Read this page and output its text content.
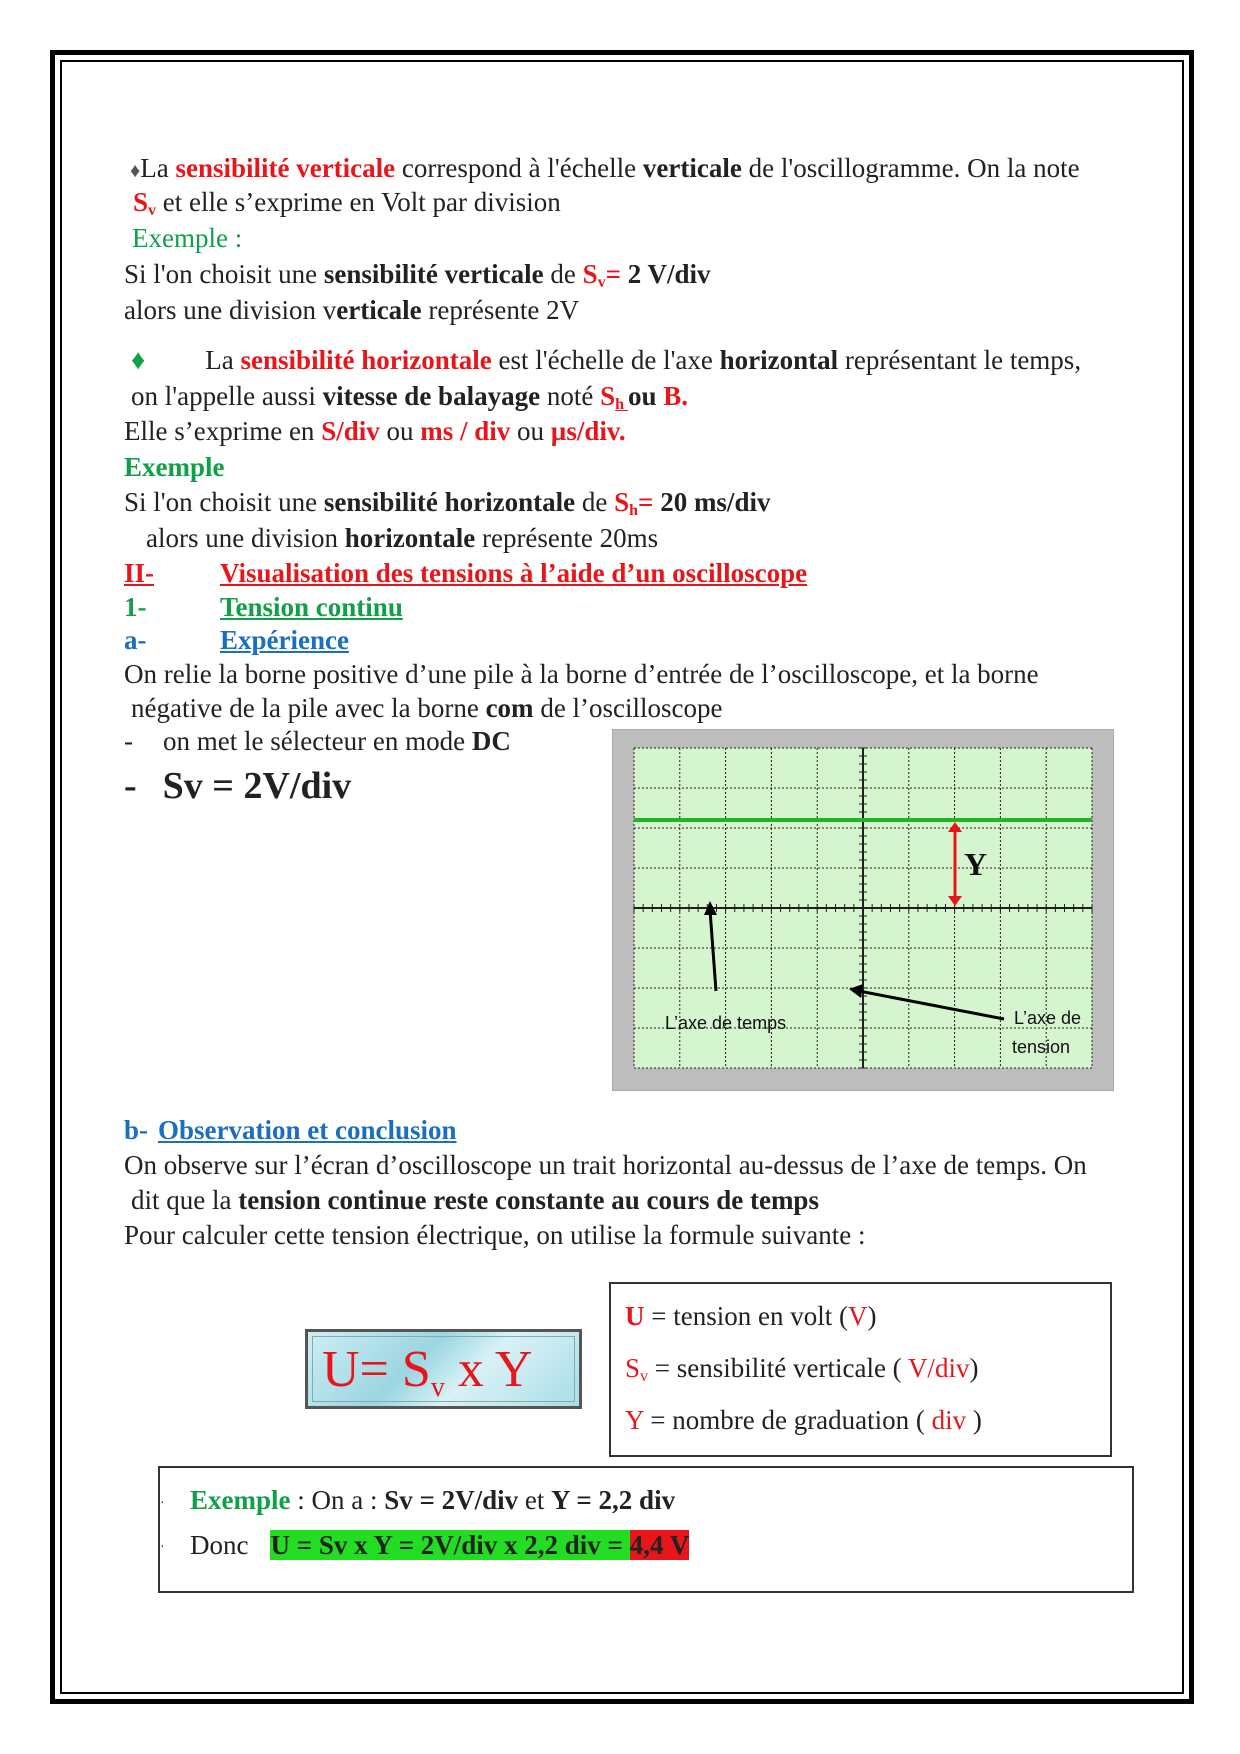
♦La sensibilité verticale correspond à l'échelle verticale de l'oscillogramme. On la note
$S_v$ et elle s’exprime en Volt par division
Exemple :
Si l'on choisit une sensibilité verticale de $S_v= 2$ V/div
alors une division verticale représente 2V
♦ La sensibilité horizontale est l'échelle de l'axe horizontal représentant le temps,
on l'appelle aussi vitesse de balayage noté $S_h$ ou B.
Elle s’exprime en S/div ou ms / div ou µs/div.
Exemple
Si l'on choisit une sensibilité horizontale de $S_h= 20$ ms/div
alors une division horizontale représente 20ms
II- Visualisation des tensions à l’aide d’un oscilloscope
1-	Tension continu
a-	Expérience
On relie la borne positive d’une pile à la borne d’entrée de l’oscilloscope, et la borne
négative de la pile avec la borne com de l’oscilloscope
- on met le sélecteur en mode DC
- Sv = 2V/div
Y
L’axe de temps	L’axe de
tension
b- Observation et conclusion
On observe sur l’écran d’oscilloscope un trait horizontal au-dessus de l’axe de temps. On
dit que la tension continue reste constante au cours de temps
Pour calculer cette tension électrique, on utilise la formule suivante :
$U= S_v$ x Y
U = tension en volt (V)
$S_v$ = sensibilité verticale ( V/div)
Y = nombre de graduation ( div )
· Exemple : On a : Sv = 2V/div et Y = 2,2 div
· Donc U = Sv x Y = 2V/div x 2,2 div = 4,4 V
